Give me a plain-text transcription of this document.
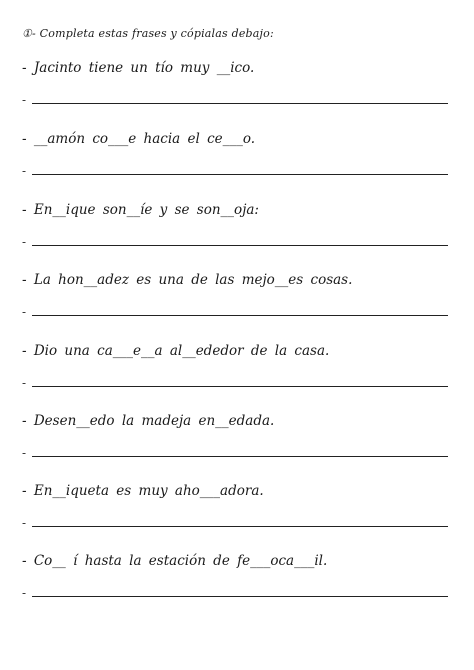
①- Completa estas frases y cópialas debajo:
- Jacinto tiene un tío muy __ico.
-
- __amón co___e hacia el ce___o.
-
- En__ique son__íe y se son__oja:
-
- La hon__adez es una de las mejo__es cosas.
-
- Dio una ca___e__a al__ededor de la casa.
-
- Desen__edo la madeja en__edada.
-
- En__iqueta es muy aho___adora.
-
- Co__ í hasta la estación de fe___oca___il.
-
